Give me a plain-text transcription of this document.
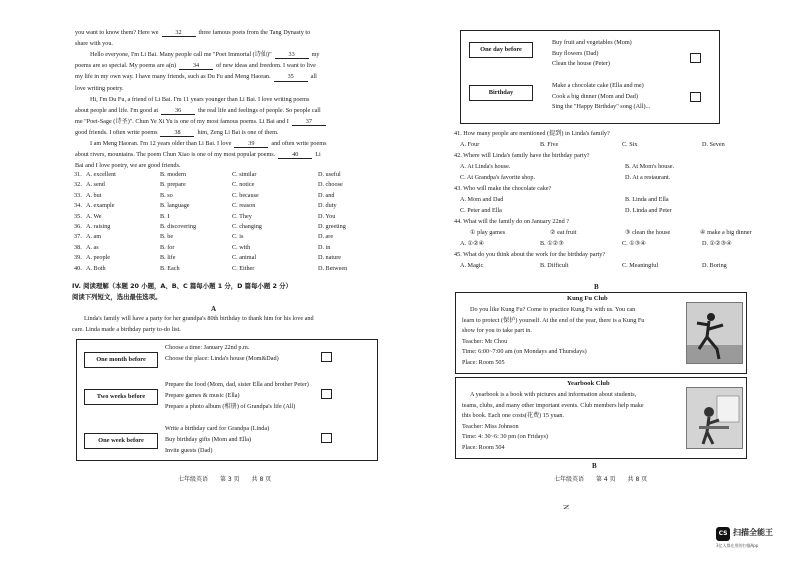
you want to know them? Here we	32	three famous poets from the Tang Dynasty to
share with you.
Hello everyone, I'm Li Bai. Many people call me "Poet Immortal (诗仙)"	33	my
poems are so special. My poems are a(n)	34	of new ideas and freedom. I want to live
my life in my own way. I have many friends, such as Du Fu and Meng Haoran.	35	all
love writing poetry.
Hi, I'm Du Fu, a friend of Li Bai. I'm 11 years younger than Li Bai. I love writing poems
about people and life. I'm good at	36	the real life and feelings of people. So people call
me "Poet-Sage (诗圣)". Chun Ye Xi Yu is one of my most famous poems. Li Bai and I	37
good friends. I often write poems	38	him, Zeng Li Bai is one of them.
I am Meng Haoran. I'm 12 years older than Li Bai. I love	39	and often write poems
about rivers, mountains. The poem Chun Xiao is one of my most popular poems.	40	Li
Bai and I love poetry, we are good friends.
31. A. excellent	B. modern	C. similar	D. useful
32. A. send	B. prepare	C. notice	D. choose
33. A. but	B. so	C. because	D. and
34. A. example	B. language	C. reason	D. duty
35. A. We	B. I	C. They	D. You
36. A. raising	B. discovering	C. changing	D. greeting
37. A. am	B. be	C. is	D. are
38. A. as	B. for	C. with	D. in
39. A. people	B. life	C. animal	D. nature
40. A. Both	B. Each	C. Either	D. Between
IV. 阅读理解（本题 20 小题，A、B、C 篇每小题 1 分，D 篇每小题 2 分）
阅读下列短文，选出最佳选项。
A
Linda's family will have a party for her grandpa's 80th birthday to thank him for his love and
care. Linda made a birthday party to-do list.
One month before
Choose a time: January 22nd p.m.
Choose the place: Linda's house (Mom&Dad)
Two weeks before
Prepare the food (Mom, dad, sister Ella and brother Peter)
Prepare games & music (Ella)
Prepare a photo album (相册) of Grandpa's life (All)
One week before
Write a birthday card for Grandpa (Linda)
Buy birthday gifts (Mom and Ella)
Invite guests (Dad)
七年级英语　　第 3 页　　共 8 页
One day before
Buy fruit and vegetables (Mom)
Buy flowers (Dad)
Clean the house (Peter)
Birthday
Make a chocolate cake (Ella and me)
Cook a big dinner (Mom and Dad)
Sing the "Happy Birthday" song (All)...
41. How many people are mentioned (提到) in Linda's family?
A. Four	B. Five	C. Six	D. Seven
42. Where will Linda's family have the birthday party?
A. At Linda's house.	B. At Mom's house.
C. At Grandpa's favorite shop.	D. At a restaurant.
43. Who will make the chocolate cake?
A. Mom and Dad	B. Linda and Ella
C. Peter and Ella	D. Linda and Peter
44. What will the family do on January 22nd ?
① play games	② eat fruit	③ clean the house	④ make a big dinner
A. ①②④	B. ①②③	C. ①③④	D. ①②③④
45. What do you think about the work for the birthday party?
A. Magic	B. Difficult	C. Meaningful	D. Boring
B
Kung Fu Club
Do you like Kung Fu? Come to practice Kung Fu with us. You can
learn to protect (保护) yourself. At the end of the year, there is a Kung Fu
show for you to take part in.
Teacher: Mr Chou
Time: 6:00~7:00 am (on Mondays and Thursdays)
Place: Room 505
Yearbook Club
A yearbook is a book with pictures and information about students,
teams, clubs, and many other important events. Club members help make
this book. Each one costs(花费) 15 yuan.
Teacher: Miss Johnson
Time: 4: 30~6: 30 pm (on Fridays)
Place: Room 504
B
七年级英语　　第 4 页　　共 8 页
N
CS 扫描全能王
3亿人都在用的扫描App
